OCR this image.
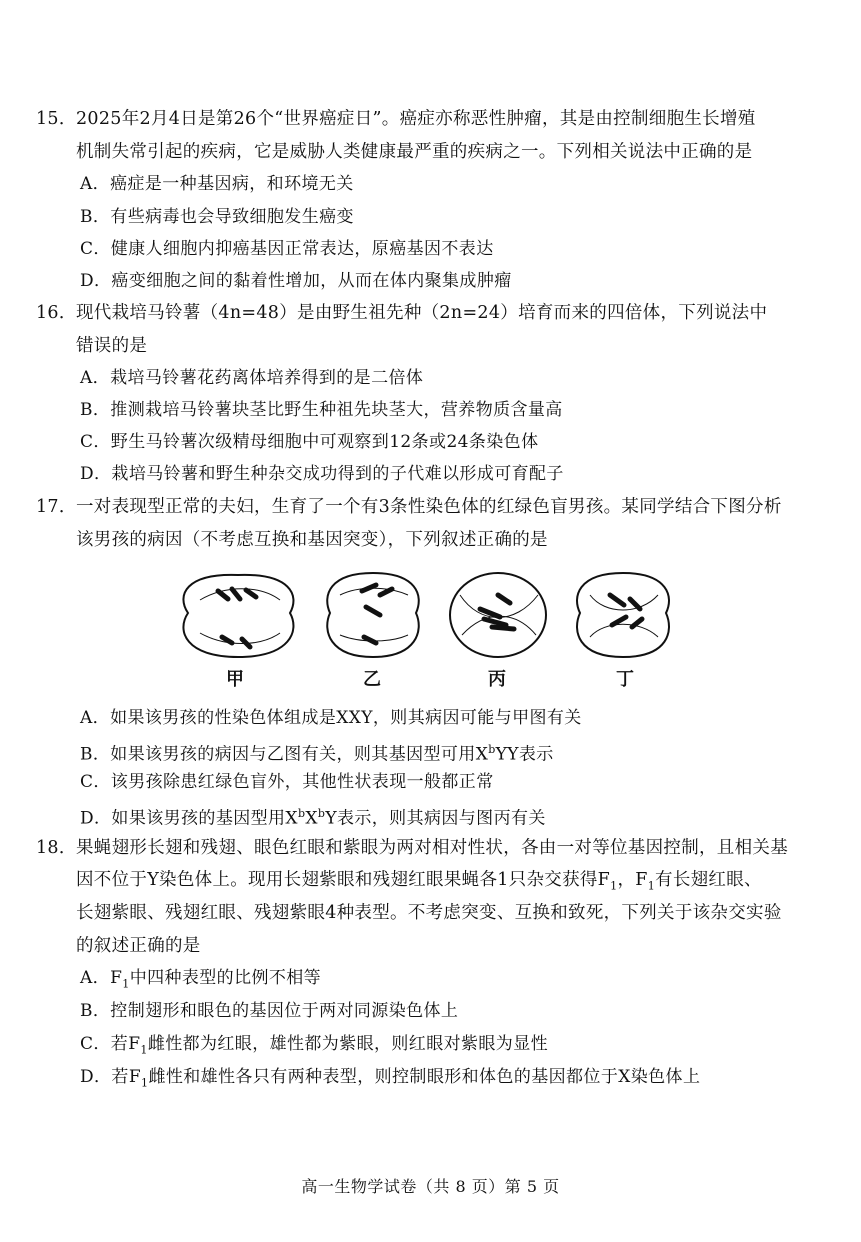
15．2025年2月4日是第26个“世界癌症日”。癌症亦称恶性肿瘤，其是由控制细胞生长增殖
机制失常引起的疾病，它是威胁人类健康最严重的疾病之一。下列相关说法中正确的是
A．癌症是一种基因病，和环境无关
B．有些病毒也会导致细胞发生癌变
C．健康人细胞内抑癌基因正常表达，原癌基因不表达
D．癌变细胞之间的黏着性增加，从而在体内聚集成肿瘤
16．现代栽培马铃薯（4n=48）是由野生祖先种（2n=24）培育而来的四倍体，下列说法中
错误的是
A．栽培马铃薯花药离体培养得到的是二倍体
B．推测栽培马铃薯块茎比野生种祖先块茎大，营养物质含量高
C．野生马铃薯次级精母细胞中可观察到12条或24条染色体
D．栽培马铃薯和野生种杂交成功得到的子代难以形成可育配子
17．一对表现型正常的夫妇，生育了一个有3条性染色体的红绿色盲男孩。某同学结合下图分析
该男孩的病因（不考虑互换和基因突变），下列叙述正确的是
甲	乙	丙	丁
A．如果该男孩的性染色体组成是XXY，则其病因可能与甲图有关
B．如果该男孩的病因与乙图有关，则其基因型可用$X^bYY$表示
C．该男孩除患红绿色盲外，其他性状表现一般都正常
D．如果该男孩的基因型用$X^bX^bY$表示，则其病因与图丙有关
18．果蝇翅形长翅和残翅、眼色红眼和紫眼为两对相对性状，各由一对等位基因控制，且相关基
因不位于Y染色体上。现用长翅紫眼和残翅红眼果蝇各1只杂交获得$F_1$，$F_1$有长翅红眼、
长翅紫眼、残翅红眼、残翅紫眼4种表型。不考虑突变、互换和致死，下列关于该杂交实验
的叙述正确的是
A．$F_1$中四种表型的比例不相等
B．控制翅形和眼色的基因位于两对同源染色体上
C．若$F_1$雌性都为红眼，雄性都为紫眼，则红眼对紫眼为显性
D．若$F_1$雌性和雄性各只有两种表型，则控制眼形和体色的基因都位于X染色体上
高一生物学试卷（共 8 页）第 5 页
